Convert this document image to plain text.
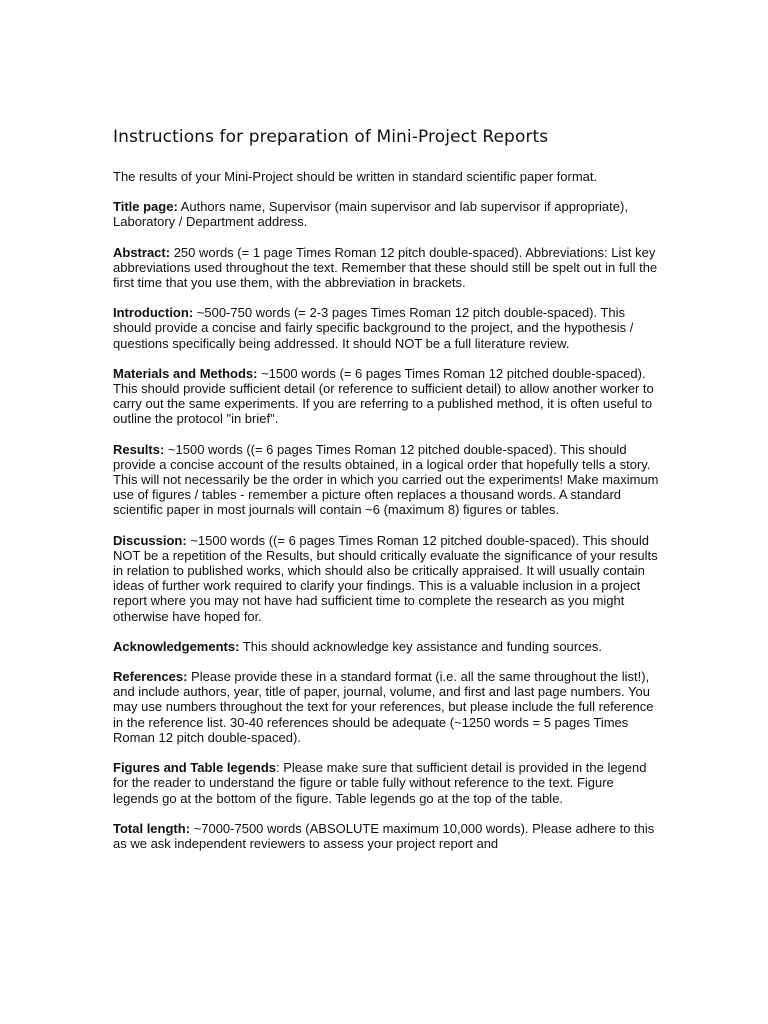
Instructions for preparation of Mini-Project Reports

The results of your Mini-Project should be written in standard scientific paper format.

Title page: Authors name, Supervisor (main supervisor and lab supervisor if appropriate), Laboratory / Department address.

Abstract: 250 words (= 1 page Times Roman 12 pitch double-spaced). Abbreviations: List key abbreviations used throughout the text. Remember that these should still be spelt out in full the first time that you use them, with the abbreviation in brackets.

Introduction: ~500-750 words (= 2-3 pages Times Roman 12 pitch double-spaced). This should provide a concise and fairly specific background to the project, and the hypothesis / questions specifically being addressed. It should NOT be a full literature review.

Materials and Methods: ~1500 words (= 6 pages Times Roman 12 pitched double-spaced). This should provide sufficient detail (or reference to sufficient detail) to allow another worker to carry out the same experiments. If you are referring to a published method, it is often useful to outline the protocol "in brief".

Results: ~1500 words ((= 6 pages Times Roman 12 pitched double-spaced). This should provide a concise account of the results obtained, in a logical order that hopefully tells a story. This will not necessarily be the order in which you carried out the experiments! Make maximum use of figures / tables - remember a picture often replaces a thousand words. A standard scientific paper in most journals will contain ~6 (maximum 8) figures or tables.

Discussion: ~1500 words ((= 6 pages Times Roman 12 pitched double-spaced). This should NOT be a repetition of the Results, but should critically evaluate the significance of your results in relation to published works, which should also be critically appraised. It will usually contain ideas of further work required to clarify your findings. This is a valuable inclusion in a project report where you may not have had sufficient time to complete the research as you might otherwise have hoped for.

Acknowledgements: This should acknowledge key assistance and funding sources.

References: Please provide these in a standard format (i.e. all the same throughout the list!), and include authors, year, title of paper, journal, volume, and first and last page numbers. You may use numbers throughout the text for your references, but please include the full reference in the reference list. 30-40 references should be adequate (~1250 words = 5 pages Times Roman 12 pitch double-spaced).

Figures and Table legends: Please make sure that sufficient detail is provided in the legend for the reader to understand the figure or table fully without reference to the text. Figure legends go at the bottom of the figure. Table legends go at the top of the table.

Total length: ~7000-7500 words (ABSOLUTE maximum 10,000 words). Please adhere to this as we ask independent reviewers to assess your project report and
